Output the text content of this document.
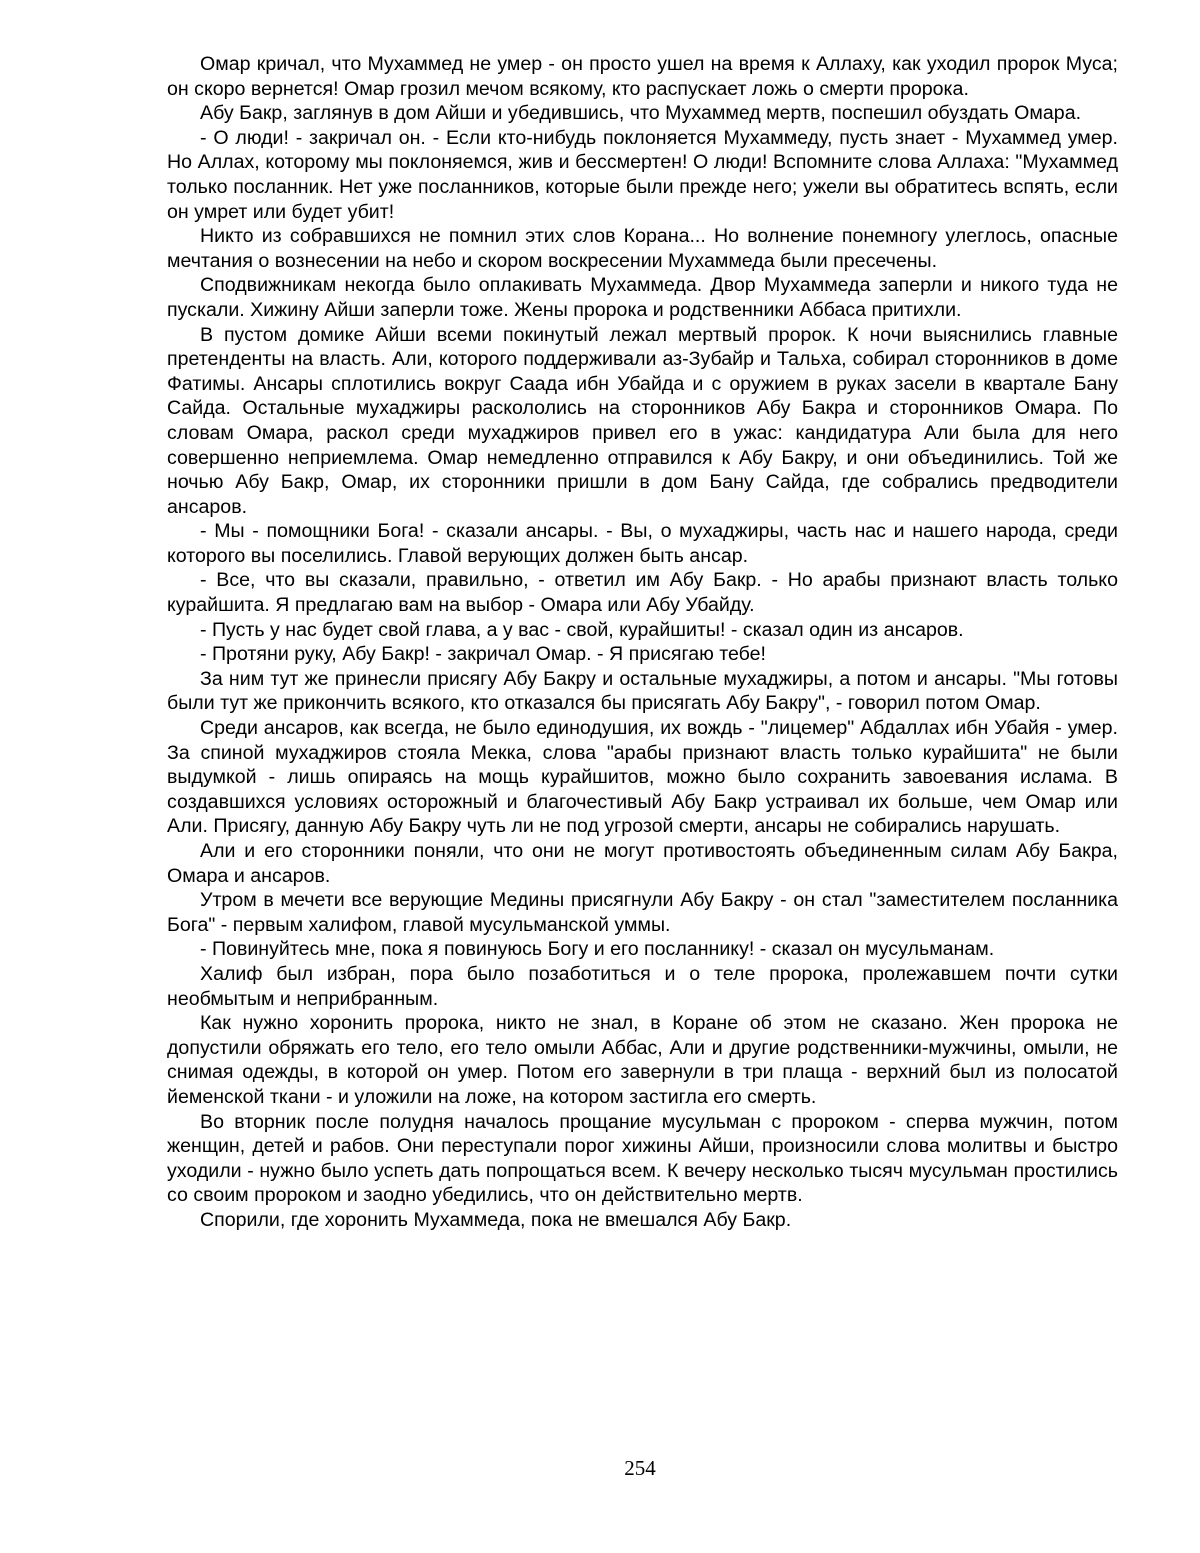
Омар кричал, что Мухаммед не умер - он просто ушел на время к Аллаху, как уходил пророк Муса; он скоро вернется! Омар грозил мечом всякому, кто распускает ложь о смерти пророка.

Абу Бакр, заглянув в дом Айши и убедившись, что Мухаммед мертв, поспешил обуздать Омара.

- О люди! - закричал он. - Если кто-нибудь поклоняется Мухаммеду, пусть знает - Мухаммед умер. Но Аллах, которому мы поклоняемся, жив и бессмертен! О люди! Вспомните слова Аллаха: "Мухаммед только посланник. Нет уже посланников, которые были прежде него; ужели вы обратитесь вспять, если он умрет или будет убит!

Никто из собравшихся не помнил этих слов Корана... Но волнение понемногу улеглось, опасные мечтания о вознесении на небо и скором воскресении Мухаммеда были пресечены.

Сподвижникам некогда было оплакивать Мухаммеда. Двор Мухаммеда заперли и никого туда не пускали. Хижину Айши заперли тоже. Жены пророка и родственники Аббаса притихли.

В пустом домике Айши всеми покинутый лежал мертвый пророк. К ночи выяснились главные претенденты на власть. Али, которого поддерживали аз-Зубайр и Тальха, собирал сторонников в доме Фатимы. Ансары сплотились вокруг Саада ибн Убайда и с оружием в руках засели в квартале Бану Сайда. Остальные мухаджиры раскололись на сторонников Абу Бакра и сторонников Омара. По словам Омара, раскол среди мухаджиров привел его в ужас: кандидатура Али была для него совершенно неприемлема. Омар немедленно отправился к Абу Бакру, и они объединились. Той же ночью Абу Бакр, Омар, их сторонники пришли в дом Бану Сайда, где собрались предводители ансаров.

- Мы - помощники Бога! - сказали ансары. - Вы, о мухаджиры, часть нас и нашего народа, среди которого вы поселились. Главой верующих должен быть ансар.

- Все, что вы сказали, правильно, - ответил им Абу Бакр. - Но арабы признают власть только курайшита. Я предлагаю вам на выбор - Омара или Абу Убайду.

- Пусть у нас будет свой глава, а у вас - свой, курайшиты! - сказал один из ансаров.

- Протяни руку, Абу Бакр! - закричал Омар. - Я присягаю тебе!

За ним тут же принесли присягу Абу Бакру и остальные мухаджиры, а потом и ансары. "Мы готовы были тут же прикончить всякого, кто отказался бы присягать Абу Бакру", - говорил потом Омар.

Среди ансаров, как всегда, не было единодушия, их вождь - "лицемер" Абдаллах ибн Убайя - умер. За спиной мухаджиров стояла Мекка, слова "арабы признают власть только курайшита" не были выдумкой - лишь опираясь на мощь курайшитов, можно было сохранить завоевания ислама. В создавшихся условиях осторожный и благочестивый Абу Бакр устраивал их больше, чем Омар или Али. Присягу, данную Абу Бакру чуть ли не под угрозой смерти, ансары не собирались нарушать.

Али и его сторонники поняли, что они не могут противостоять объединенным силам Абу Бакра, Омара и ансаров.

Утром в мечети все верующие Медины присягнули Абу Бакру - он стал "заместителем посланника Бога" - первым халифом, главой мусульманской уммы.

- Повинуйтесь мне, пока я повинуюсь Богу и его посланнику! - сказал он мусульманам.

Халиф был избран, пора было позаботиться и о теле пророка, пролежавшем почти сутки необмытым и неприбранным.

Как нужно хоронить пророка, никто не знал, в Коране об этом не сказано. Жен пророка не допустили обряжать его тело, его тело омыли Аббас, Али и другие родственники-мужчины, омыли, не снимая одежды, в которой он умер. Потом его завернули в три плаща - верхний был из полосатой йеменской ткани - и уложили на ложе, на котором застигла его смерть.

Во вторник после полудня началось прощание мусульман с пророком - сперва мужчин, потом женщин, детей и рабов. Они переступали порог хижины Айши, произносили слова молитвы и быстро уходили - нужно было успеть дать попрощаться всем. К вечеру несколько тысяч мусульман простились со своим пророком и заодно убедились, что он действительно мертв.

Спорили, где хоронить Мухаммеда, пока не вмешался Абу Бакр.

254
